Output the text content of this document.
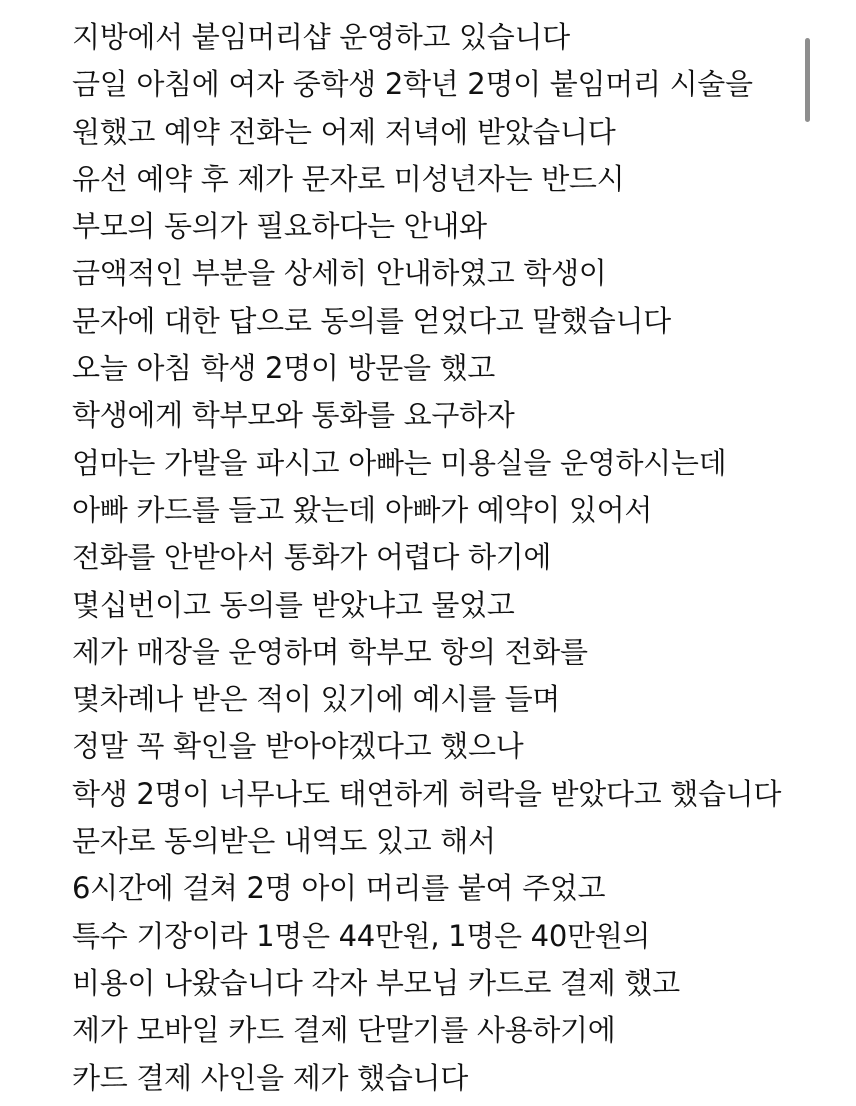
지방에서 붙임머리샵 운영하고 있습니다
금일 아침에 여자 중학생 2학년 2명이 붙임머리 시술을
원했고 예약 전화는 어제 저녁에 받았습니다
유선 예약 후 제가 문자로 미성년자는 반드시
부모의 동의가 필요하다는 안내와
금액적인 부분을 상세히 안내하였고 학생이
문자에 대한 답으로 동의를 얻었다고 말했습니다
오늘 아침 학생 2명이 방문을 했고
학생에게 학부모와 통화를 요구하자
엄마는 가발을 파시고 아빠는 미용실을 운영하시는데
아빠 카드를 들고 왔는데 아빠가 예약이 있어서
전화를 안받아서 통화가 어렵다 하기에
몇십번이고 동의를 받았냐고 물었고
제가 매장을 운영하며 학부모 항의 전화를
몇차례나 받은 적이 있기에 예시를 들며
정말 꼭 확인을 받아야겠다고 했으나
학생 2명이 너무나도 태연하게 허락을 받았다고 했습니다
문자로 동의받은 내역도 있고 해서
6시간에 걸쳐 2명 아이 머리를 붙여 주었고
특수 기장이라 1명은 44만원, 1명은 40만원의
비용이 나왔습니다 각자 부모님 카드로 결제 했고
제가 모바일 카드 결제 단말기를 사용하기에
카드 결제 사인을 제가 했습니다
